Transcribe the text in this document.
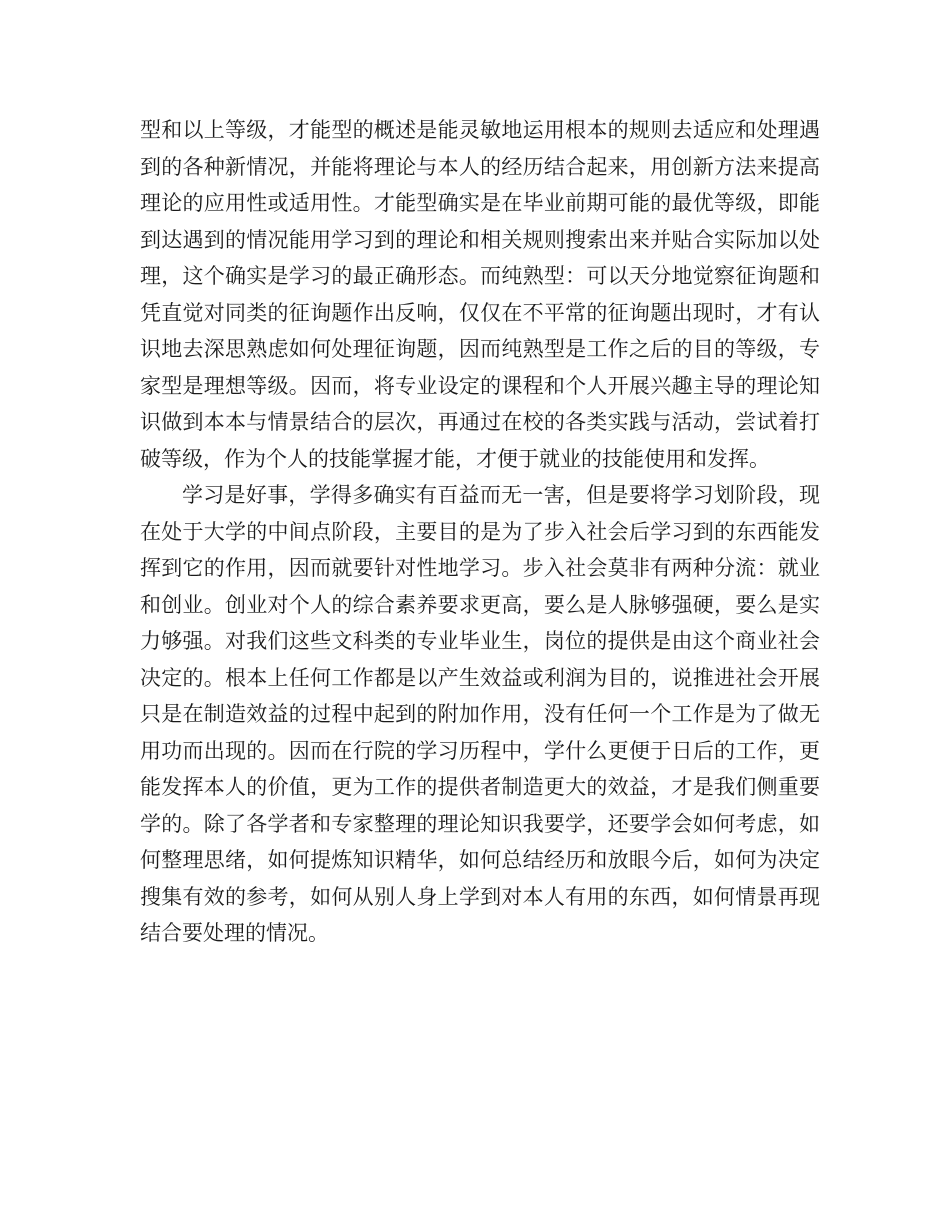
型和以上等级，才能型的概述是能灵敏地运用根本的规则去适应和处理遇到的各种新情况，并能将理论与本人的经历结合起来，用创新方法来提高理论的应用性或适用性。才能型确实是在毕业前期可能的最优等级，即能到达遇到的情况能用学习到的理论和相关规则搜索出来并贴合实际加以处理，这个确实是学习的最正确形态。而纯熟型：可以天分地觉察征询题和凭直觉对同类的征询题作出反响，仅仅在不平常的征询题出现时，才有认识地去深思熟虑如何处理征询题，因而纯熟型是工作之后的目的等级，专家型是理想等级。因而，将专业设定的课程和个人开展兴趣主导的理论知识做到本本与情景结合的层次，再通过在校的各类实践与活动，尝试着打破等级，作为个人的技能掌握才能，才便于就业的技能使用和发挥。

学习是好事，学得多确实有百益而无一害，但是要将学习划阶段，现在处于大学的中间点阶段，主要目的是为了步入社会后学习到的东西能发挥到它的作用，因而就要针对性地学习。步入社会莫非有两种分流：就业和创业。创业对个人的综合素养要求更高，要么是人脉够强硬，要么是实力够强。对我们这些文科类的专业毕业生，岗位的提供是由这个商业社会决定的。根本上任何工作都是以产生效益或利润为目的，说推进社会开展只是在制造效益的过程中起到的附加作用，没有任何一个工作是为了做无用功而出现的。因而在行院的学习历程中，学什么更便于日后的工作，更能发挥本人的价值，更为工作的提供者制造更大的效益，才是我们侧重要学的。除了各学者和专家整理的理论知识我要学，还要学会如何考虑，如何整理思绪，如何提炼知识精华，如何总结经历和放眼今后，如何为决定搜集有效的参考，如何从别人身上学到对本人有用的东西，如何情景再现结合要处理的情况。
